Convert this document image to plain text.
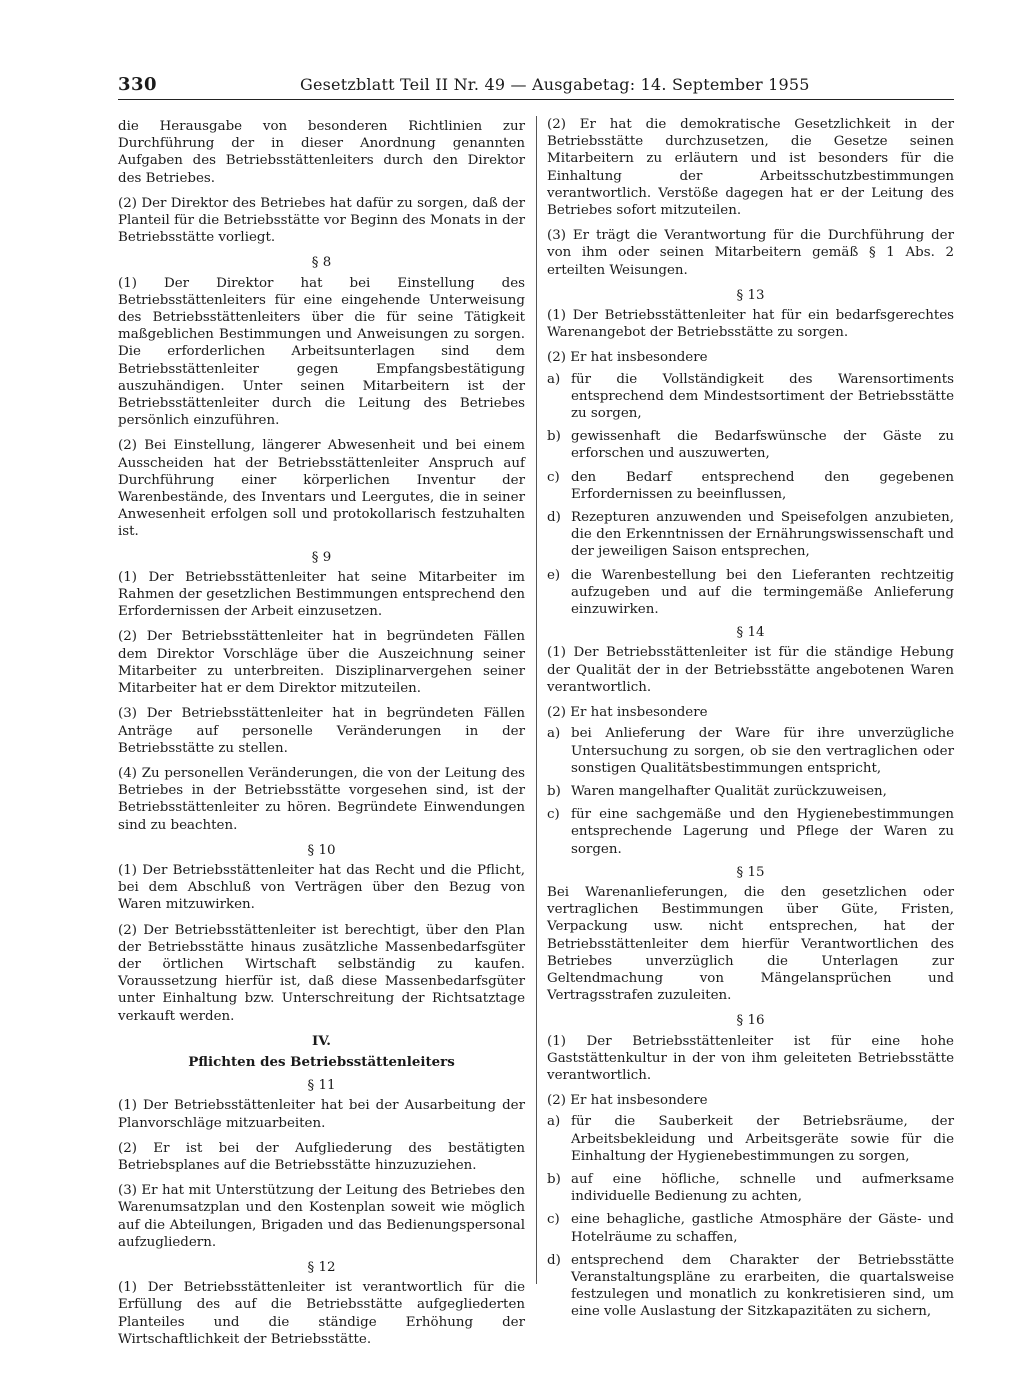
330	Gesetzblatt Teil II Nr. 49 — Ausgabetag: 14. September 1955

die Herausgabe von besonderen Richtlinien zur Durchführung der in dieser Anordnung genannten Aufgaben des Betriebsstättenleiters durch den Direktor des Betriebes.

(2) Der Direktor des Betriebes hat dafür zu sorgen, daß der Planteil für die Betriebsstätte vor Beginn des Monats in der Betriebsstätte vorliegt.

§ 8

(1) Der Direktor hat bei Einstellung des Betriebsstättenleiters für eine eingehende Unterweisung des Betriebsstättenleiters über die für seine Tätigkeit maßgeblichen Bestimmungen und Anweisungen zu sorgen. Die erforderlichen Arbeitsunterlagen sind dem Betriebsstättenleiter gegen Empfangsbestätigung auszuhändigen. Unter seinen Mitarbeitern ist der Betriebsstättenleiter durch die Leitung des Betriebes persönlich einzuführen.

(2) Bei Einstellung, längerer Abwesenheit und bei einem Ausscheiden hat der Betriebsstättenleiter Anspruch auf Durchführung einer körperlichen Inventur der Warenbestände, des Inventars und Leergutes, die in seiner Anwesenheit erfolgen soll und protokollarisch festzuhalten ist.

§ 9

(1) Der Betriebsstättenleiter hat seine Mitarbeiter im Rahmen der gesetzlichen Bestimmungen entsprechend den Erfordernissen der Arbeit einzusetzen.

(2) Der Betriebsstättenleiter hat in begründeten Fällen dem Direktor Vorschläge über die Auszeichnung seiner Mitarbeiter zu unterbreiten. Disziplinarvergehen seiner Mitarbeiter hat er dem Direktor mitzuteilen.

(3) Der Betriebsstättenleiter hat in begründeten Fällen Anträge auf personelle Veränderungen in der Betriebsstätte zu stellen.

(4) Zu personellen Veränderungen, die von der Leitung des Betriebes in der Betriebsstätte vorgesehen sind, ist der Betriebsstättenleiter zu hören. Begründete Einwendungen sind zu beachten.

§ 10

(1) Der Betriebsstättenleiter hat das Recht und die Pflicht, bei dem Abschluß von Verträgen über den Bezug von Waren mitzuwirken.

(2) Der Betriebsstättenleiter ist berechtigt, über den Plan der Betriebsstätte hinaus zusätzliche Massenbedarfsgüter der örtlichen Wirtschaft selbständig zu kaufen. Voraussetzung hierfür ist, daß diese Massenbedarfsgüter unter Einhaltung bzw. Unterschreitung der Richtsatztage verkauft werden.

IV.
Pflichten des Betriebsstättenleiters
§ 11

(1) Der Betriebsstättenleiter hat bei der Ausarbeitung der Planvorschläge mitzuarbeiten.

(2) Er ist bei der Aufgliederung des bestätigten Betriebsplanes auf die Betriebsstätte hinzuzuziehen.

(3) Er hat mit Unterstützung der Leitung des Betriebes den Warenumsatzplan und den Kostenplan soweit wie möglich auf die Abteilungen, Brigaden und das Bedienungspersonal aufzugliedern.

§ 12

(1) Der Betriebsstättenleiter ist verantwortlich für die Erfüllung des auf die Betriebsstätte aufgegliederten Planteiles und die ständige Erhöhung der Wirtschaftlichkeit der Betriebsstätte.

(2) Er hat die demokratische Gesetzlichkeit in der Betriebsstätte durchzusetzen, die Gesetze seinen Mitarbeitern zu erläutern und ist besonders für die Einhaltung der Arbeitsschutzbestimmungen verantwortlich. Verstöße dagegen hat er der Leitung des Betriebes sofort mitzuteilen.

(3) Er trägt die Verantwortung für die Durchführung der von ihm oder seinen Mitarbeitern gemäß § 1 Abs. 2 erteilten Weisungen.

§ 13

(1) Der Betriebsstättenleiter hat für ein bedarfsgerechtes Warenangebot der Betriebsstätte zu sorgen.

(2) Er hat insbesondere

a) für die Vollständigkeit des Warensortiments entsprechend dem Mindestsortiment der Betriebsstätte zu sorgen,
b) gewissenhaft die Bedarfswünsche der Gäste zu erforschen und auszuwerten,
c) den Bedarf entsprechend den gegebenen Erfordernissen zu beeinflussen,
d) Rezepturen anzuwenden und Speisefolgen anzubieten, die den Erkenntnissen der Ernährungswissenschaft und der jeweiligen Saison entsprechen,
e) die Warenbestellung bei den Lieferanten rechtzeitig aufzugeben und auf die termingemäße Anlieferung einzuwirken.
§ 14

(1) Der Betriebsstättenleiter ist für die ständige Hebung der Qualität der in der Betriebsstätte angebotenen Waren verantwortlich.

(2) Er hat insbesondere

a) bei Anlieferung der Ware für ihre unverzügliche Untersuchung zu sorgen, ob sie den vertraglichen oder sonstigen Qualitätsbestimmungen entspricht,
b) Waren mangelhafter Qualität zurückzuweisen,
c) für eine sachgemäße und den Hygienebestimmungen entsprechende Lagerung und Pflege der Waren zu sorgen.
§ 15

Bei Warenanlieferungen, die den gesetzlichen oder vertraglichen Bestimmungen über Güte, Fristen, Verpackung usw. nicht entsprechen, hat der Betriebsstättenleiter dem hierfür Verantwortlichen des Betriebes unverzüglich die Unterlagen zur Geltendmachung von Mängelansprüchen und Vertragsstrafen zuzuleiten.

§ 16

(1) Der Betriebsstättenleiter ist für eine hohe Gaststättenkultur in der von ihm geleiteten Betriebsstätte verantwortlich.

(2) Er hat insbesondere

a) für die Sauberkeit der Betriebsräume, der Arbeitsbekleidung und Arbeitsgeräte sowie für die Einhaltung der Hygienebestimmungen zu sorgen,
b) auf eine höfliche, schnelle und aufmerksame individuelle Bedienung zu achten,
c) eine behagliche, gastliche Atmosphäre der Gäste- und Hotelräume zu schaffen,
d) entsprechend dem Charakter der Betriebsstätte Veranstaltungspläne zu erarbeiten, die quartalsweise festzulegen und monatlich zu konkretisieren sind, um eine volle Auslastung der Sitzkapazitäten zu sichern,
